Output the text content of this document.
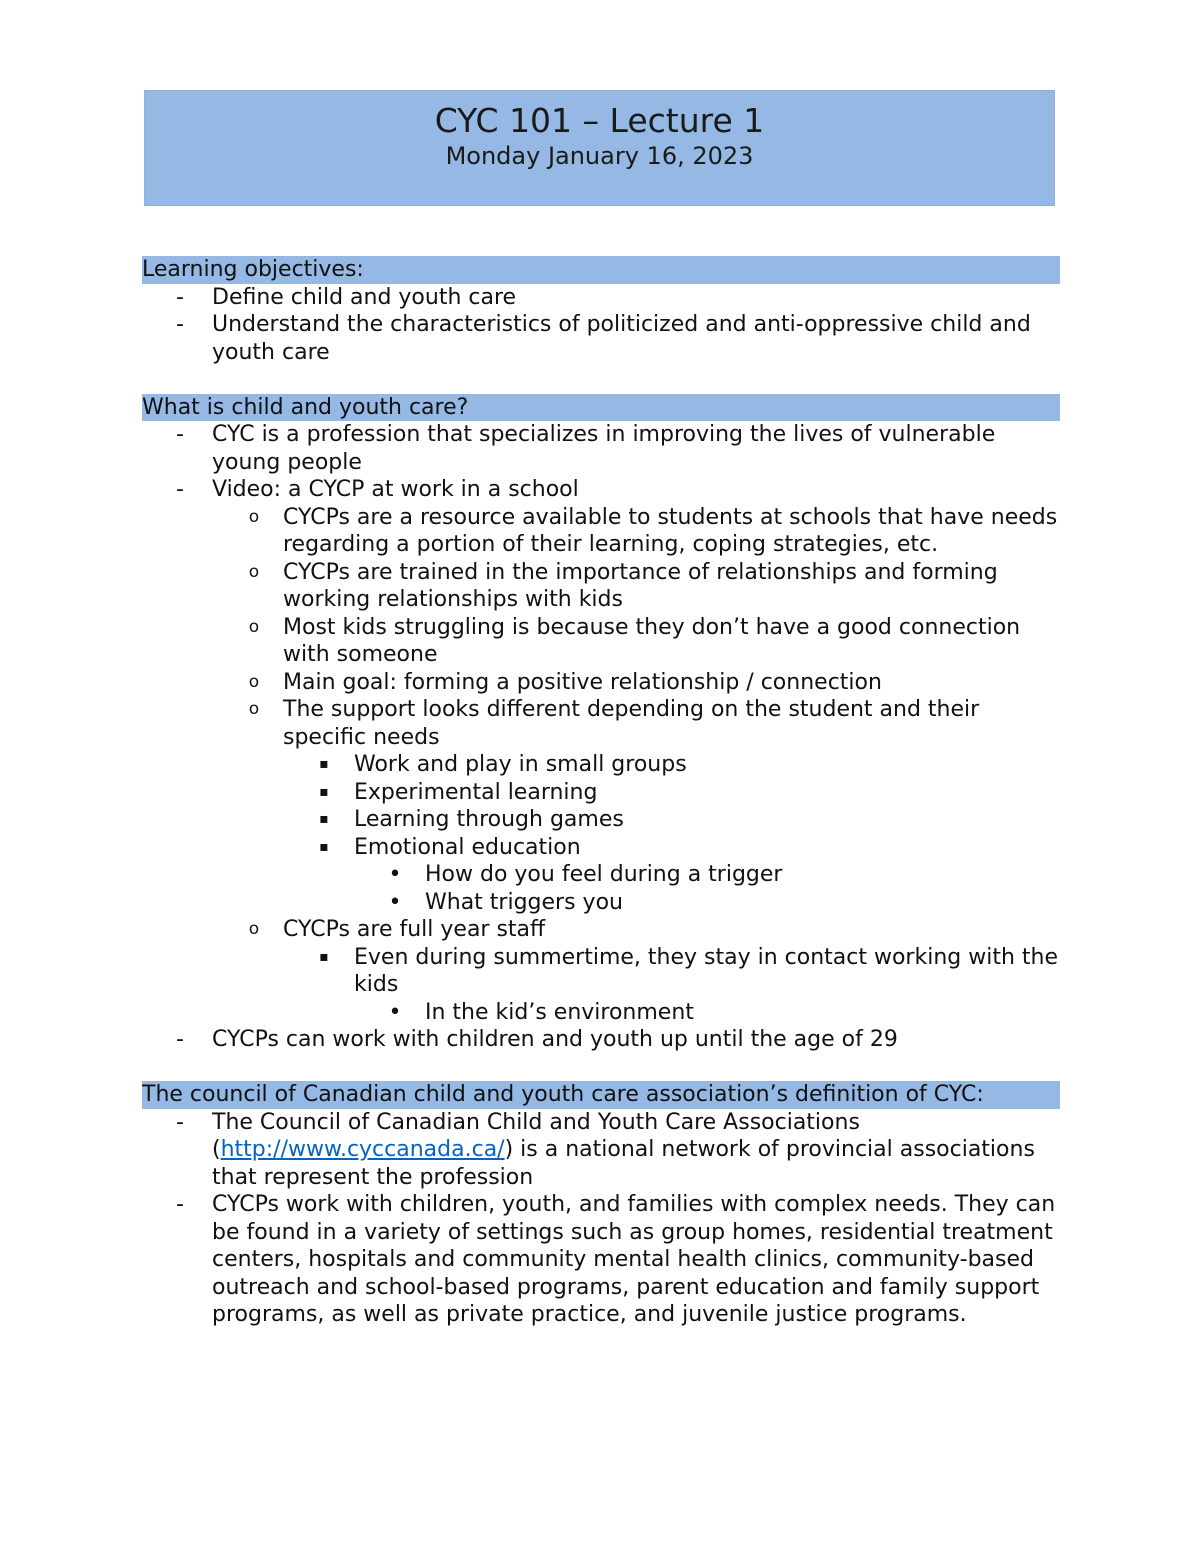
CYC 101 – Lecture 1
Monday January 16, 2023
Learning objectives:
- Define child and youth care
- Understand the characteristics of politicized and anti-oppressive child and youth care
What is child and youth care?
- CYC is a profession that specializes in improving the lives of vulnerable young people
- Video: a CYCP at work in a school
o CYCPs are a resource available to students at schools that have needs regarding a portion of their learning, coping strategies, etc.
o CYCPs are trained in the importance of relationships and forming working relationships with kids
o Most kids struggling is because they don’t have a good connection with someone
o Main goal: forming a positive relationship / connection
o The support looks different depending on the student and their specific needs
▪ Work and play in small groups
▪ Experimental learning
▪ Learning through games
▪ Emotional education
• How do you feel during a trigger
• What triggers you
o CYCPs are full year staff
▪ Even during summertime, they stay in contact working with the kids
• In the kid’s environment
- CYCPs can work with children and youth up until the age of 29
The council of Canadian child and youth care association’s definition of CYC:
- The Council of Canadian Child and Youth Care Associations (http://www.cyccanada.ca/) is a national network of provincial associations that represent the profession
- CYCPs work with children, youth, and families with complex needs. They can be found in a variety of settings such as group homes, residential treatment centers, hospitals and community mental health clinics, community-based outreach and school-based programs, parent education and family support programs, as well as private practice, and juvenile justice programs.
